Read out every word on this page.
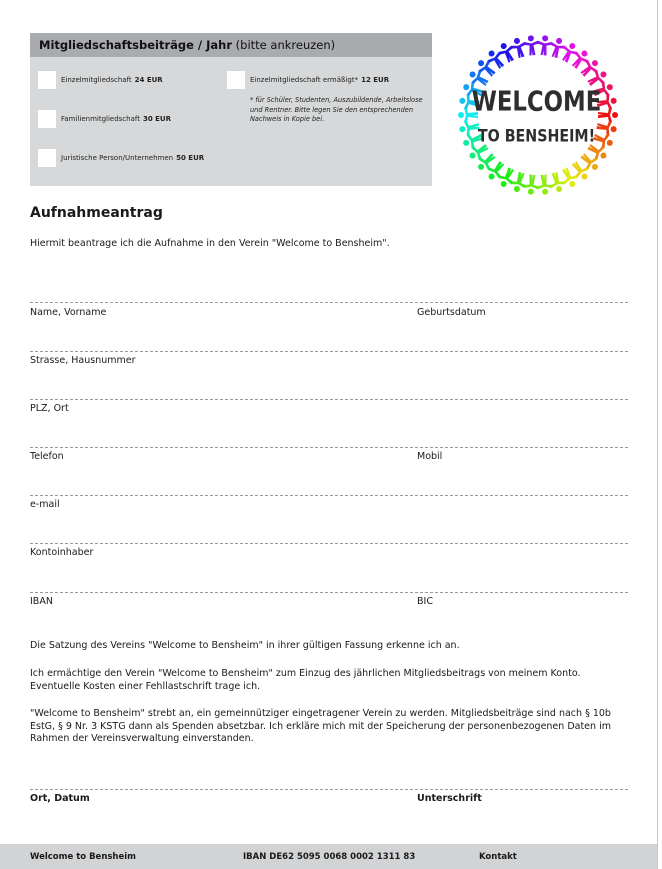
Mitgliedschaftsbeiträge / Jahr (bitte ankreuzen)
Einzelmitgliedschaft 24 EUR
Familienmitgliedschaft 30 EUR
Juristische Person/Unternehmen 50 EUR
Einzelmitgliedschaft ermäßigt* 12 EUR
* für Schüler, Studenten, Auszubildende, Arbeitslose und Rentner. Bitte legen Sie den entsprechenden Nachweis in Kopie bei.
WELCOME
TO BENSHEIM!
Aufnahmeantrag
Hiermit beantrage ich die Aufnahme in den Verein "Welcome to Bensheim".
Name, Vorname	Geburtsdatum
Strasse, Hausnummer
PLZ, Ort
Telefon	Mobil
e-mail
Kontoinhaber
IBAN	BIC
Die Satzung des Vereins "Welcome to Bensheim" in ihrer gültigen Fassung erkenne ich an.
Ich ermächtige den Verein "Welcome to Bensheim" zum Einzug des jährlichen Mitgliedsbeitrags von meinem Konto. Eventuelle Kosten einer Fehllastschrift trage ich.
"Welcome to Bensheim" strebt an, ein gemeinnütziger eingetragener Verein zu werden. Mitgliedsbeiträge sind nach § 10b EstG, § 9 Nr. 3 KSTG dann als Spenden absetzbar. Ich erkläre mich mit der Speicherung der personenbezogenen Daten im Rahmen der Vereinsverwaltung einverstanden.
Ort, Datum	Unterschrift
Welcome to Bensheim	IBAN DE62 5095 0068 0002 1311 83	Kontakt
